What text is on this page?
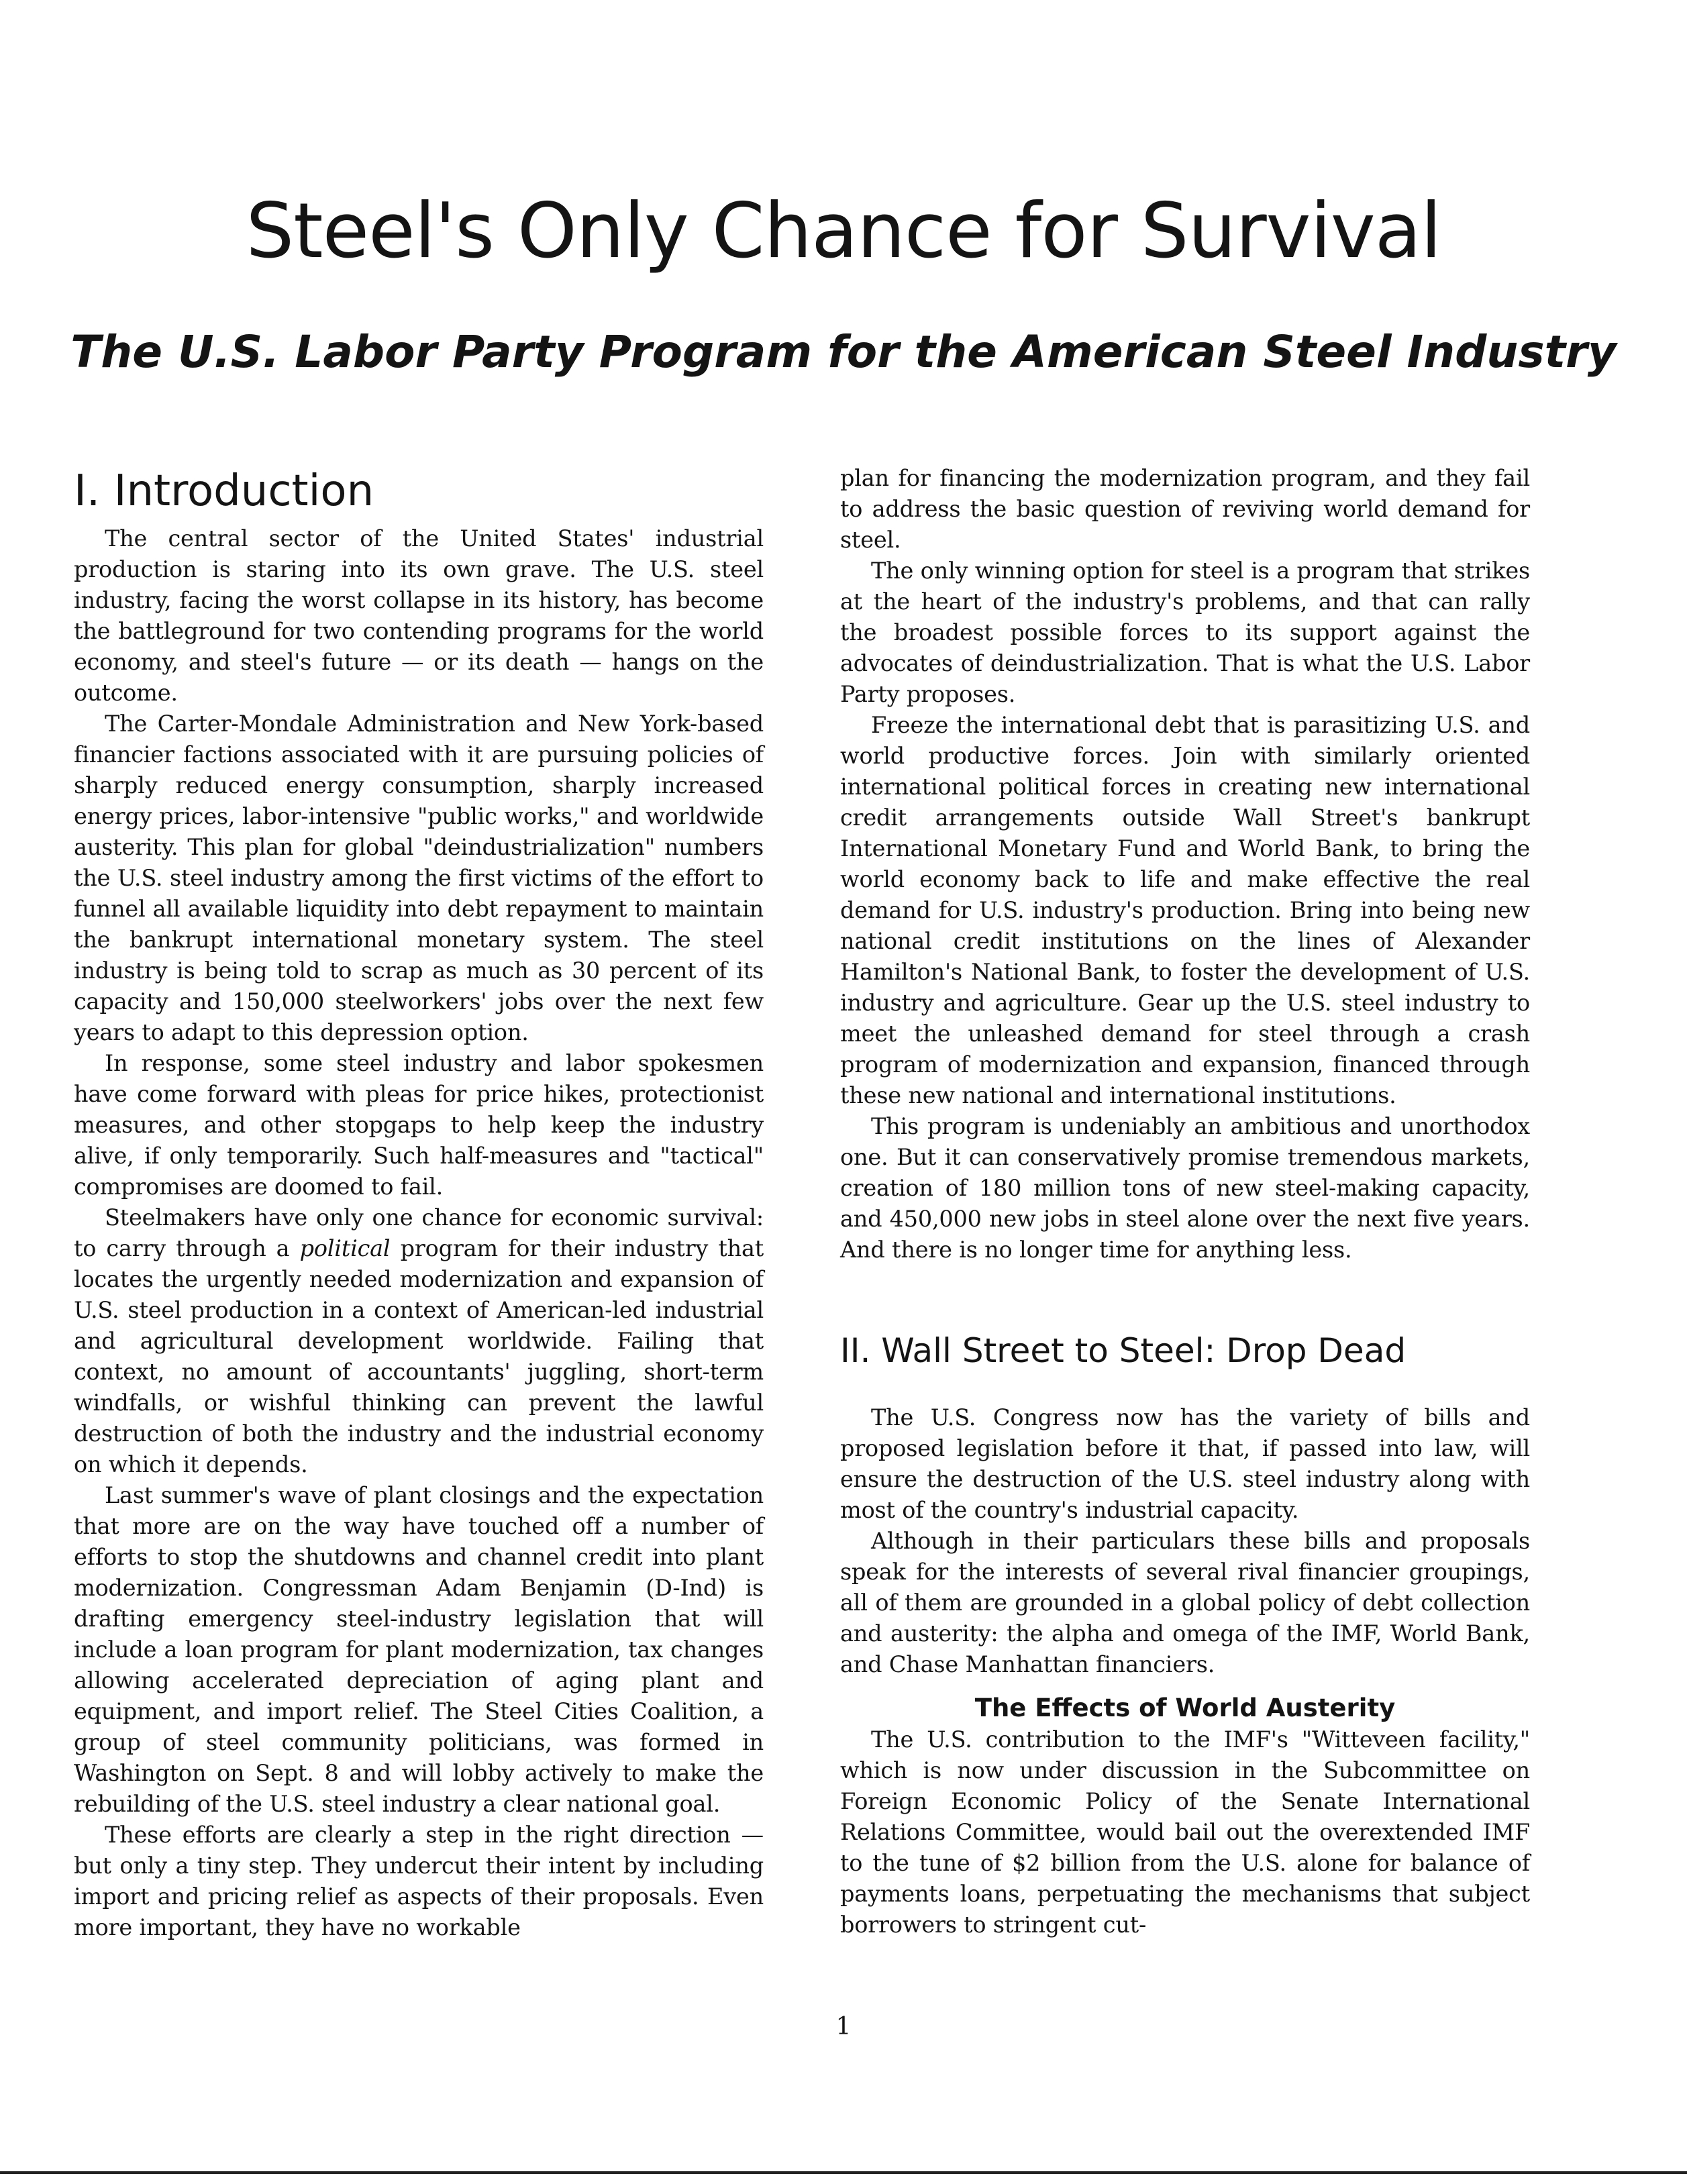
Steel's Only Chance for Survival
The U.S. Labor Party Program for the American Steel Industry
I. Introduction

The central sector of the United States' industrial production is staring into its own grave. The U.S. steel industry, facing the worst collapse in its history, has become the battleground for two contending programs for the world economy, and steel's future — or its death — hangs on the outcome.

The Carter-Mondale Administration and New York-based financier factions associated with it are pursuing policies of sharply reduced energy consumption, sharply increased energy prices, labor-intensive "public works," and worldwide austerity. This plan for global "deindustrialization" numbers the U.S. steel industry among the first victims of the effort to funnel all available liquidity into debt repayment to maintain the bankrupt international monetary system. The steel industry is being told to scrap as much as 30 percent of its capacity and 150,000 steelworkers' jobs over the next few years to adapt to this depression option.

In response, some steel industry and labor spokesmen have come forward with pleas for price hikes, protectionist measures, and other stopgaps to help keep the industry alive, if only temporarily. Such half-measures and "tactical" compromises are doomed to fail.

Steelmakers have only one chance for economic survival: to carry through a political program for their industry that locates the urgently needed modernization and expansion of U.S. steel production in a context of American-led industrial and agricultural development worldwide. Failing that context, no amount of accountants' juggling, short-term windfalls, or wishful thinking can prevent the lawful destruction of both the industry and the industrial economy on which it depends.

Last summer's wave of plant closings and the expectation that more are on the way have touched off a number of efforts to stop the shutdowns and channel credit into plant modernization. Congressman Adam Benjamin (D-Ind) is drafting emergency steel-industry legislation that will include a loan program for plant modernization, tax changes allowing accelerated depreciation of aging plant and equipment, and import relief. The Steel Cities Coalition, a group of steel community politicians, was formed in Washington on Sept. 8 and will lobby actively to make the rebuilding of the U.S. steel industry a clear national goal.

These efforts are clearly a step in the right direction — but only a tiny step. They undercut their intent by including import and pricing relief as aspects of their proposals. Even more important, they have no workable

plan for financing the modernization program, and they fail to address the basic question of reviving world demand for steel.

The only winning option for steel is a program that strikes at the heart of the industry's problems, and that can rally the broadest possible forces to its support against the advocates of deindustrialization. That is what the U.S. Labor Party proposes.

Freeze the international debt that is parasitizing U.S. and world productive forces. Join with similarly oriented international political forces in creating new international credit arrangements outside Wall Street's bankrupt International Monetary Fund and World Bank, to bring the world economy back to life and make effective the real demand for U.S. industry's production. Bring into being new national credit institutions on the lines of Alexander Hamilton's National Bank, to foster the development of U.S. industry and agriculture. Gear up the U.S. steel industry to meet the unleashed demand for steel through a crash program of modernization and expansion, financed through these new national and international institutions.

This program is undeniably an ambitious and unorthodox one. But it can conservatively promise tremendous markets, creation of 180 million tons of new steel-making capacity, and 450,000 new jobs in steel alone over the next five years. And there is no longer time for anything less.

II. Wall Street to Steel: Drop Dead

The U.S. Congress now has the variety of bills and proposed legislation before it that, if passed into law, will ensure the destruction of the U.S. steel industry along with most of the country's industrial capacity.

Although in their particulars these bills and proposals speak for the interests of several rival financier groupings, all of them are grounded in a global policy of debt collection and austerity: the alpha and omega of the IMF, World Bank, and Chase Manhattan financiers.

The Effects of World Austerity

The U.S. contribution to the IMF's "Witteveen facility," which is now under discussion in the Subcommittee on Foreign Economic Policy of the Senate International Relations Committee, would bail out the overextended IMF to the tune of $2 billion from the U.S. alone for balance of payments loans, perpetuating the mechanisms that subject borrowers to stringent cut-

1
